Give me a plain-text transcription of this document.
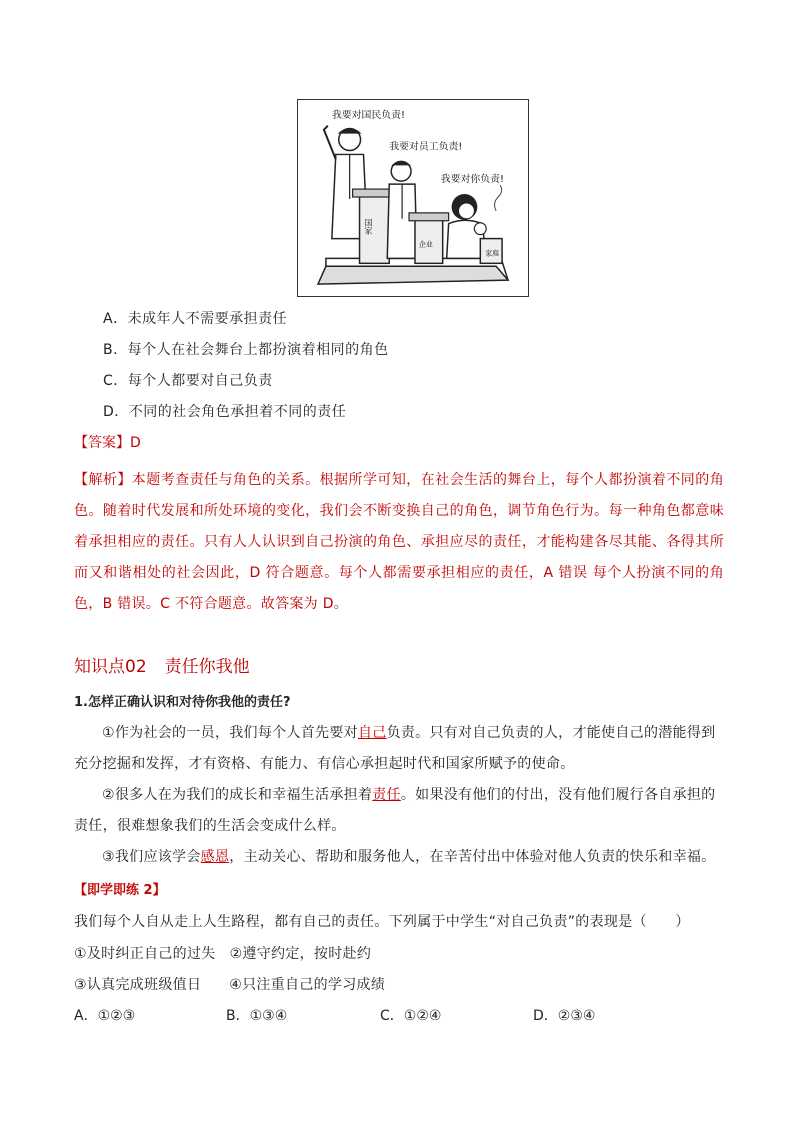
我要对国民负责!
我要对员工负责!
我要对你负责!
国家
企业
家庭
A．未成年人不需要承担责任
B．每个人在社会舞台上都扮演着相同的角色
C．每个人都要对自己负责
D．不同的社会角色承担着不同的责任
【答案】D
【解析】本题考查责任与角色的关系。根据所学可知，在社会生活的舞台上，每个人都扮演着不同的角色。随着时代发展和所处环境的变化，我们会不断变换自己的角色，调节角色行为。每一种角色都意味着承担相应的责任。只有人人认识到自己扮演的角色、承担应尽的责任，才能构建各尽其能、各得其所而又和谐相处的社会因此，D 符合题意。每个人都需要承担相应的责任，A 错误 每个人扮演不同的角色，B 错误。C 不符合题意。故答案为 D。
知识点02 责任你我他
1.怎样正确认识和对待你我他的责任?
①作为社会的一员，我们每个人首先要对自己负责。只有对自己负责的人，才能使自己的潜能得到充分挖掘和发挥，才有资格、有能力、有信心承担起时代和国家所赋予的使命。
②很多人在为我们的成长和幸福生活承担着责任。如果没有他们的付出，没有他们履行各自承担的责任，很难想象我们的生活会变成什么样。
③我们应该学会感恩，主动关心、帮助和服务他人，在辛苦付出中体验对他人负责的快乐和幸福。
【即学即练 2】
我们每个人自从走上人生路程，都有自己的责任。下列属于中学生“对自己负责”的表现是（　　）
①及时纠正自己的过失 ②遵守约定，按时赴约
③认真完成班级值日 ④只注重自己的学习成绩
A．①②③	B．①③④	C．①②④	D．②③④
